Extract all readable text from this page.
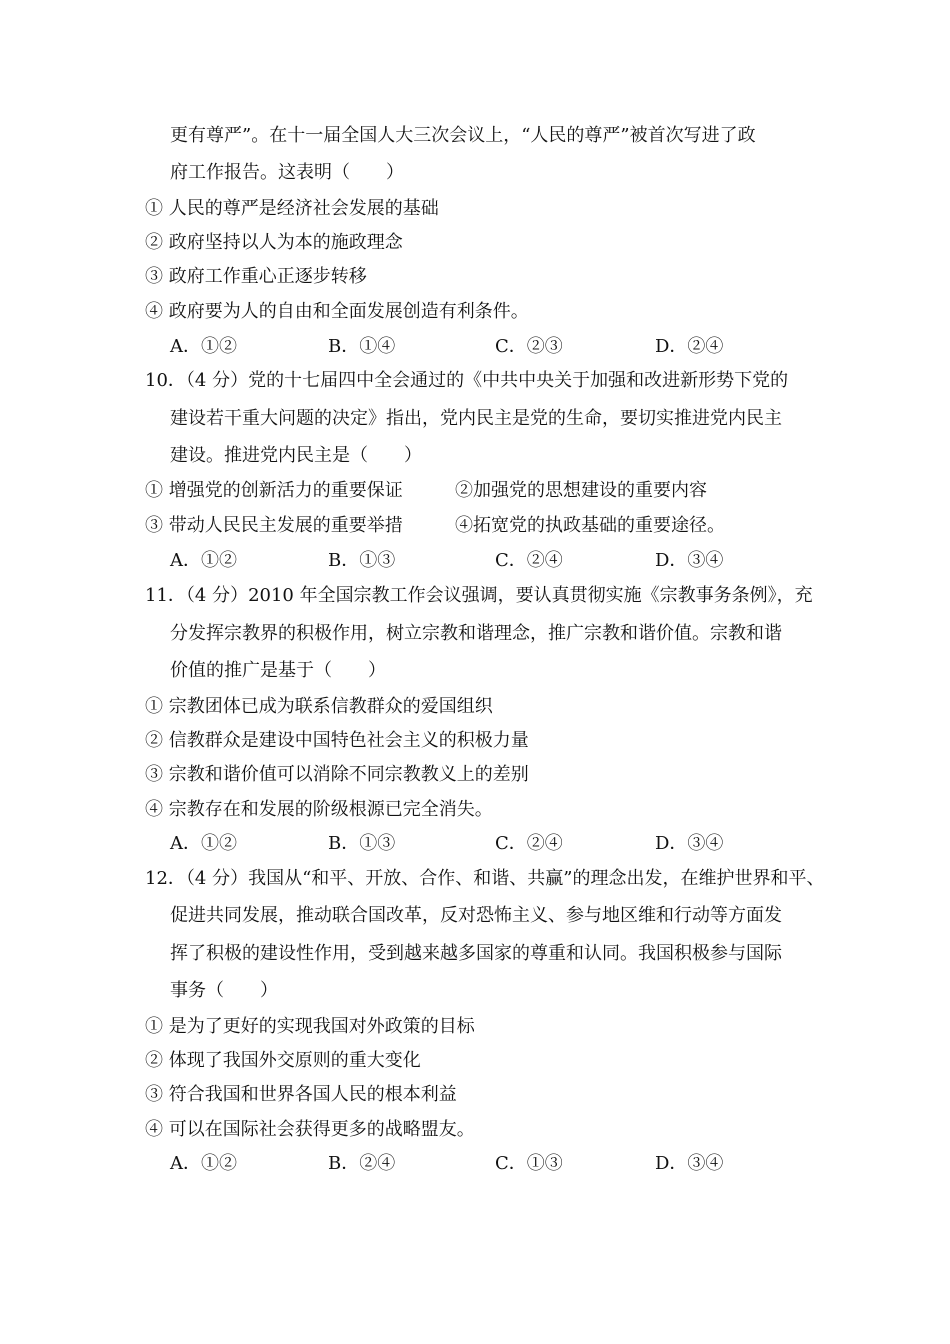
更有尊严”。在十一届全国人大三次会议上，“人民的尊严”被首次写进了政
府工作报告。这表明（　　）
① 人民的尊严是经济社会发展的基础
② 政府坚持以人为本的施政理念
③ 政府工作重心正逐步转移
④ 政府要为人的自由和全面发展创造有利条件。
A．①②	B．①④	C．②③	D．②④
10．（4 分）党的十七届四中全会通过的《中共中央关于加强和改进新形势下党的
建设若干重大问题的决定》指出，党内民主是党的生命，要切实推进党内民主
建设。推进党内民主是（　　）
① 增强党的创新活力的重要保证	②加强党的思想建设的重要内容
③ 带动人民民主发展的重要举措	④拓宽党的执政基础的重要途径。
A．①②	B．①③	C．②④	D．③④
11．（4 分）2010 年全国宗教工作会议强调，要认真贯彻实施《宗教事务条例》，充
分发挥宗教界的积极作用，树立宗教和谐理念，推广宗教和谐价值。宗教和谐
价值的推广是基于（　　）
① 宗教团体已成为联系信教群众的爱国组织
② 信教群众是建设中国特色社会主义的积极力量
③ 宗教和谐价值可以消除不同宗教教义上的差别
④ 宗教存在和发展的阶级根源已完全消失。
A．①②	B．①③	C．②④	D．③④
12．（4 分）我国从“和平、开放、合作、和谐、共赢”的理念出发，在维护世界和平、
促进共同发展，推动联合国改革，反对恐怖主义、参与地区维和行动等方面发
挥了积极的建设性作用，受到越来越多国家的尊重和认同。我国积极参与国际
事务（　　）
① 是为了更好的实现我国对外政策的目标
② 体现了我国外交原则的重大变化
③ 符合我国和世界各国人民的根本利益
④ 可以在国际社会获得更多的战略盟友。
A．①②	B．②④	C．①③	D．③④
